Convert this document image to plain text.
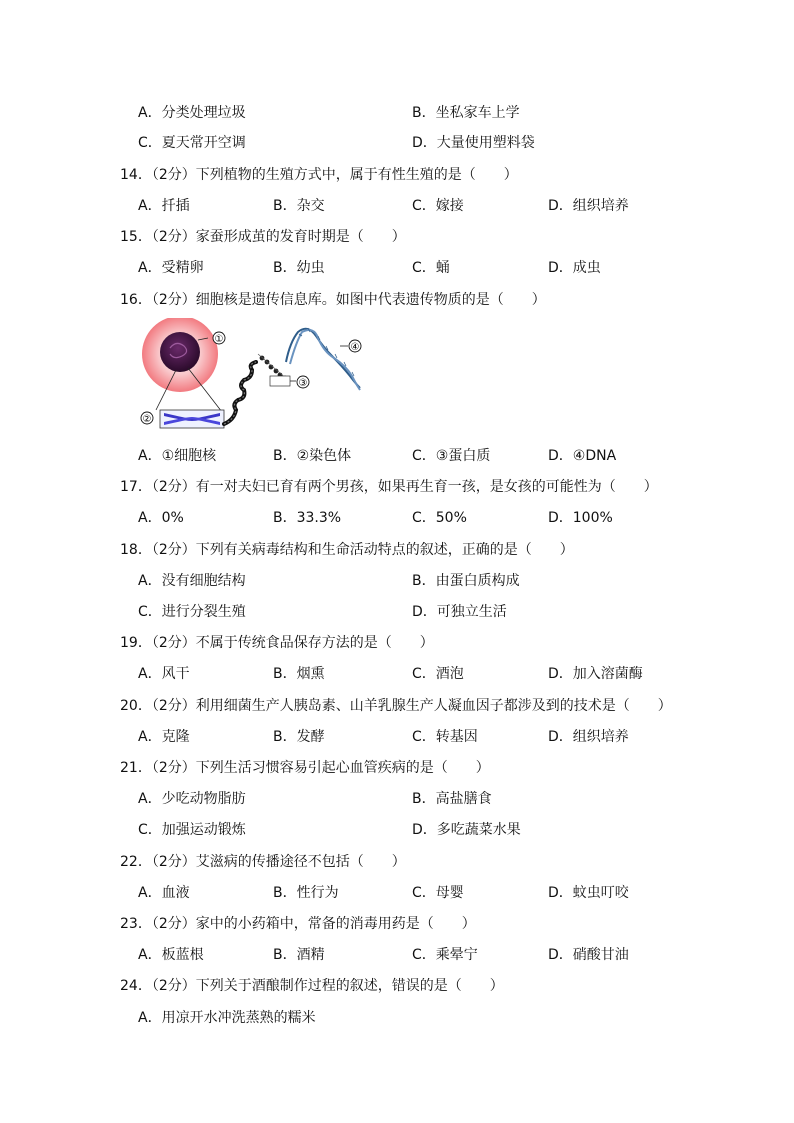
A．分类处理垃圾	B．坐私家车上学
C．夏天常开空调	D．大量使用塑料袋
14．（2分）下列植物的生殖方式中，属于有性生殖的是（　　）
A．扦插	B．杂交	C．嫁接	D．组织培养
15．（2分）家蚕形成茧的发育时期是（　　）
A．受精卵	B．幼虫	C．蛹	D．成虫
16．（2分）细胞核是遗传信息库。如图中代表遗传物质的是（　　）
A．①细胞核	B．②染色体	C．③蛋白质	D．④DNA
17．（2分）有一对夫妇已育有两个男孩，如果再生育一孩，是女孩的可能性为（　　）
A．0%	B．33.3%	C．50%	D．100%
18．（2分）下列有关病毒结构和生命活动特点的叙述，正确的是（　　）
A．没有细胞结构	B．由蛋白质构成
C．进行分裂生殖	D．可独立生活
19．（2分）不属于传统食品保存方法的是（　　）
A．风干	B．烟熏	C．酒泡	D．加入溶菌酶
20．（2分）利用细菌生产人胰岛素、山羊乳腺生产人凝血因子都涉及到的技术是（　　）
A．克隆	B．发酵	C．转基因	D．组织培养
21．（2分）下列生活习惯容易引起心血管疾病的是（　　）
A．少吃动物脂肪	B．高盐膳食
C．加强运动锻炼	D．多吃蔬菜水果
22．（2分）艾滋病的传播途径不包括（　　）
A．血液	B．性行为	C．母婴	D．蚊虫叮咬
23．（2分）家中的小药箱中，常备的消毒用药是（　　）
A．板蓝根	B．酒精	C．乘晕宁	D．硝酸甘油
24．（2分）下列关于酒酿制作过程的叙述，错误的是（　　）
A．用凉开水冲洗蒸熟的糯米
①
②
③
④
